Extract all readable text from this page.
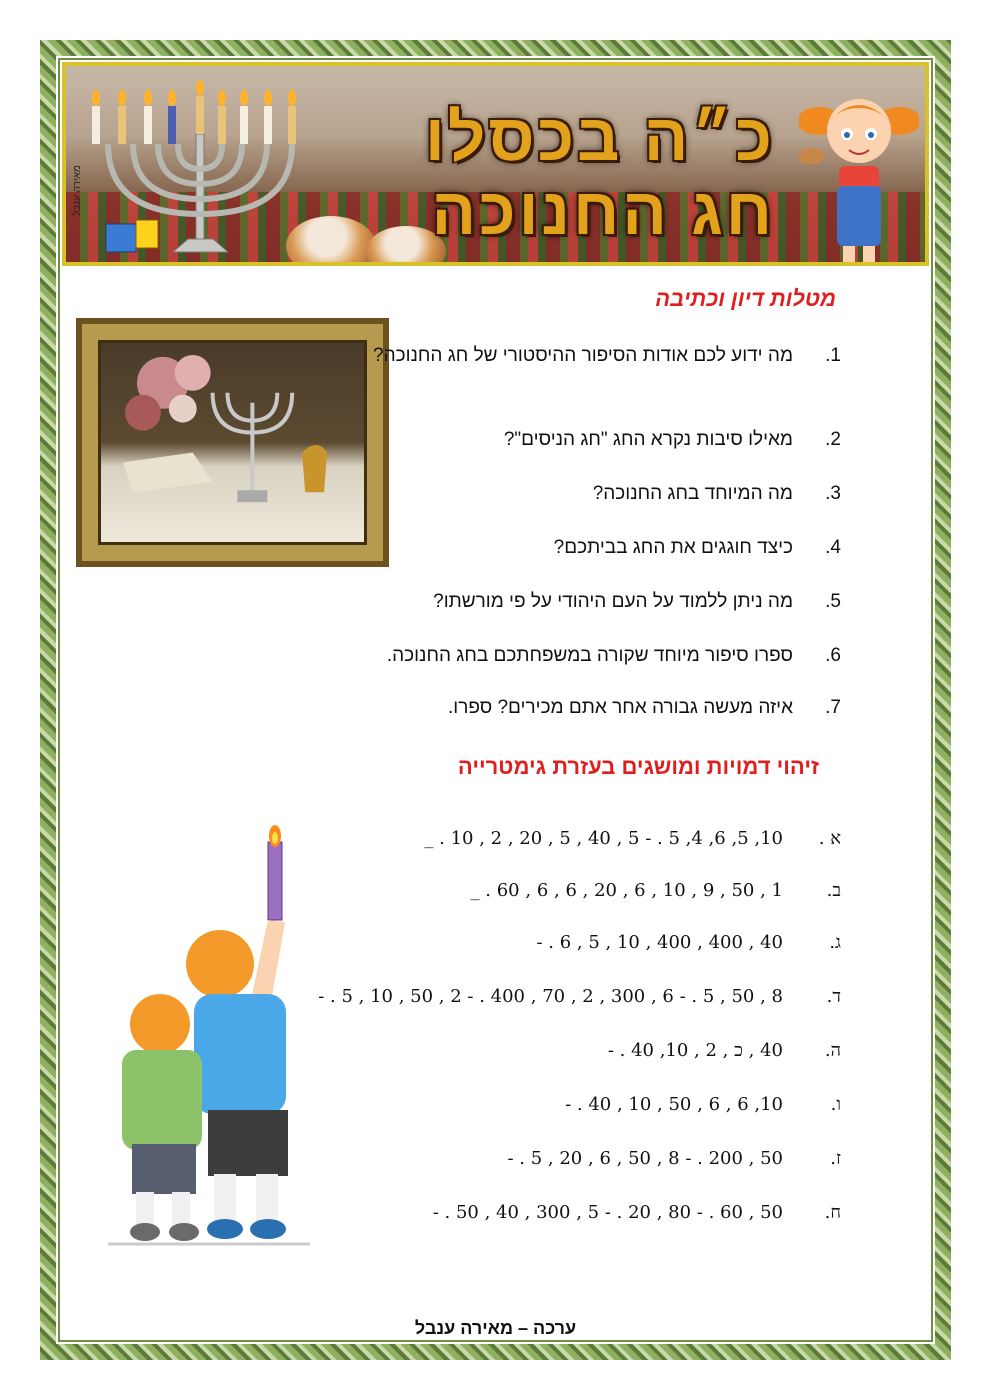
כ״ה בכסלו
חג החנוכה
מאירה ענבל
מטלות דיון וכתיבה
1.
מה ידוע לכם אודות הסיפור ההיסטורי של חג החנוכה?
2.
מאילו סיבות נקרא החג "חג הניסים"?
3.
מה המיוחד בחג החנוכה?
4.
כיצד חוגגים את החג בביתכם?
5.
מה ניתן ללמוד על העם היהודי על פי מורשתו?
6.
ספרו סיפור מיוחד שקורה במשפחתכם בחג החנוכה.
7.
איזה מעשה גבורה אחר אתם מכירים? ספרו.
זיהוי דמויות ומושגים בעזרת גימטרייה
א .10, 5, 6, 4, 5 . - 5 , 40 , 5 , 20 , 2 , 10 . _
ב.1 , 50 , 9 , 10 , 6 , 20 , 6 , 6 , 60 . _
ג.40 , 400 , 400 , 10 , 5 , 6 . -
ד.8 , 50 , 5 . - 6 , 300 , 2 , 70 , 400 . - 2 , 50 , 10 , 5 . -
ה.40 , כ , 2 , 10, 40 . -
ו.10, 6 , 6 , 50 , 10 , 40 . -
ז.50 , 200 . - 8 , 50 , 6 , 20 , 5 . -
ח.50 , 60 . - 80 , 20 . - 5 , 300 , 40 , 50 . -
ערכה – מאירה ענבל
